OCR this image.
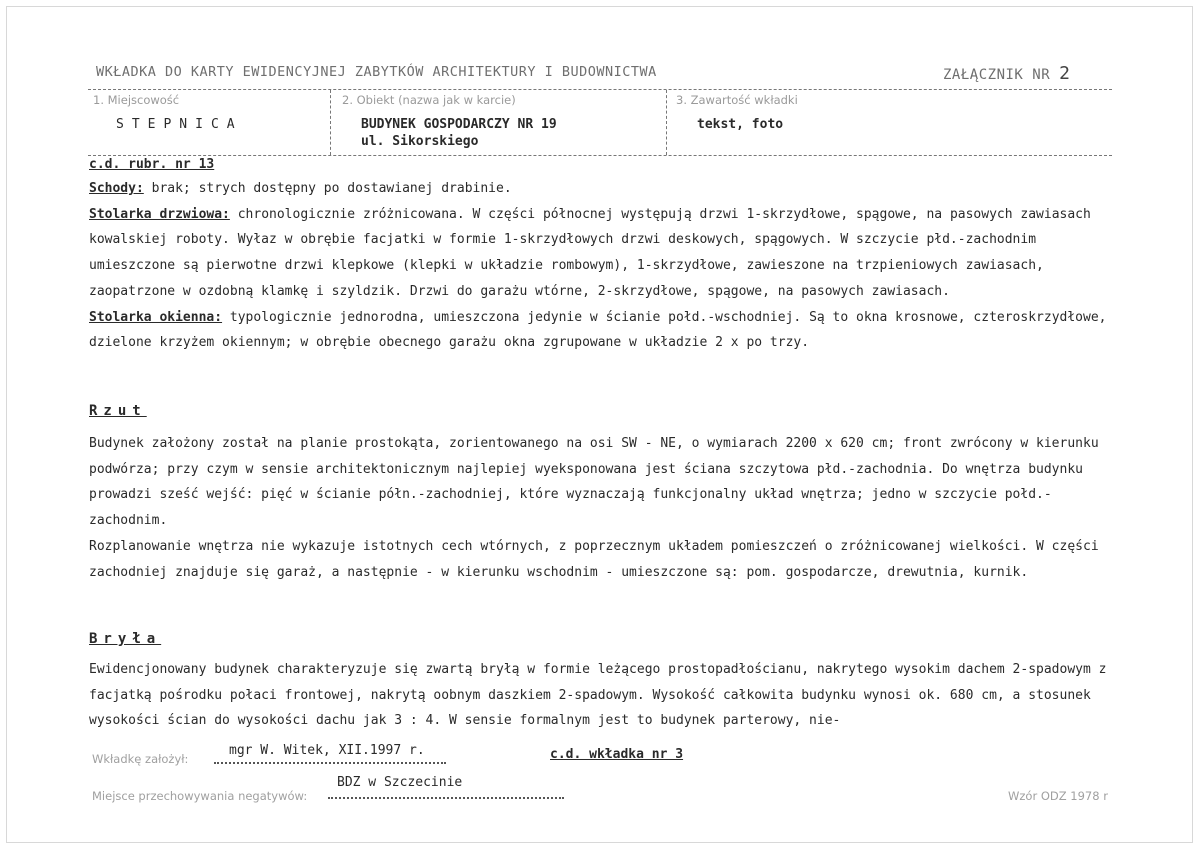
WKŁADKA DO KARTY EWIDENCYJNEJ ZABYTKÓW ARCHITEKTURY I BUDOWNICTWA	ZAŁĄCZNIK NR 2
1. Miejscowość
STEPNICA
2. Obiekt (nazwa jak w karcie)
BUDYNEK GOSPODARCZY NR 19
ul. Sikorskiego
3. Zawartość wkładki
tekst, foto
c.d. rubr. nr 13

Schody: brak; strych dostępny po dostawianej drabinie.

Stolarka drzwiowa: chronologicznie zróżnicowana. W części północnej występują drzwi 1-skrzydłowe, spągowe, na pasowych zawiasach kowalskiej roboty. Wyłaz w obrębie facjatki w formie 1-skrzydłowych drzwi deskowych, spągowych. W szczycie płd.-zachodnim umieszczone są pierwotne drzwi klepkowe (klepki w układzie rombowym), 1-skrzydłowe, zawieszone na trzpieniowych zawiasach, zaopatrzone w ozdobną klamkę i szyldzik. Drzwi do garażu wtórne, 2-skrzydłowe, spągowe, na pasowych zawiasach.

Stolarka okienna: typologicznie jednorodna, umieszczona jedynie w ścianie połd.-wschodniej. Są to okna krosnowe, czteroskrzydłowe, dzielone krzyżem okiennym; w obrębie obecnego garażu okna zgrupowane w układzie 2 x po trzy.

Rzut

Budynek założony został na planie prostokąta, zorientowanego na osi SW - NE, o wymiarach 2200 x 620 cm; front zwrócony w kierunku podwórza; przy czym w sensie architektonicznym najlepiej wyeksponowana jest ściana szczytowa płd.-zachodnia. Do wnętrza budynku prowadzi sześć wejść: pięć w ścianie półn.-zachodniej, które wyznaczają funkcjonalny układ wnętrza; jedno w szczycie połd.-zachodnim.

Rozplanowanie wnętrza nie wykazuje istotnych cech wtórnych, z poprzecznym układem pomieszczeń o zróżnicowanej wielkości. W części zachodniej znajduje się garaż, a następnie - w kierunku wschodnim - umieszczone są: pom. gospodarcze, drewutnia, kurnik.

Bryła

Ewidencjonowany budynek charakteryzuje się zwartą bryłą w formie leżącego prostopadłościanu, nakrytego wysokim dachem 2-spadowym z facjatką pośrodku połaci frontowej, nakrytą oobnym daszkiem 2-spadowym. Wysokość całkowita budynku wynosi ok. 680 cm, a stosunek wysokości ścian do wysokości dachu jak 3 : 4. W sensie formalnym jest to budynek parterowy, nie-

Wkładkę założył:
mgr W. Witek, XII.1997 r.	c.d. wkładka nr 3
Miejsce przechowywania negatywów:
BDZ w Szczecinie
Wzór ODZ 1978 r
